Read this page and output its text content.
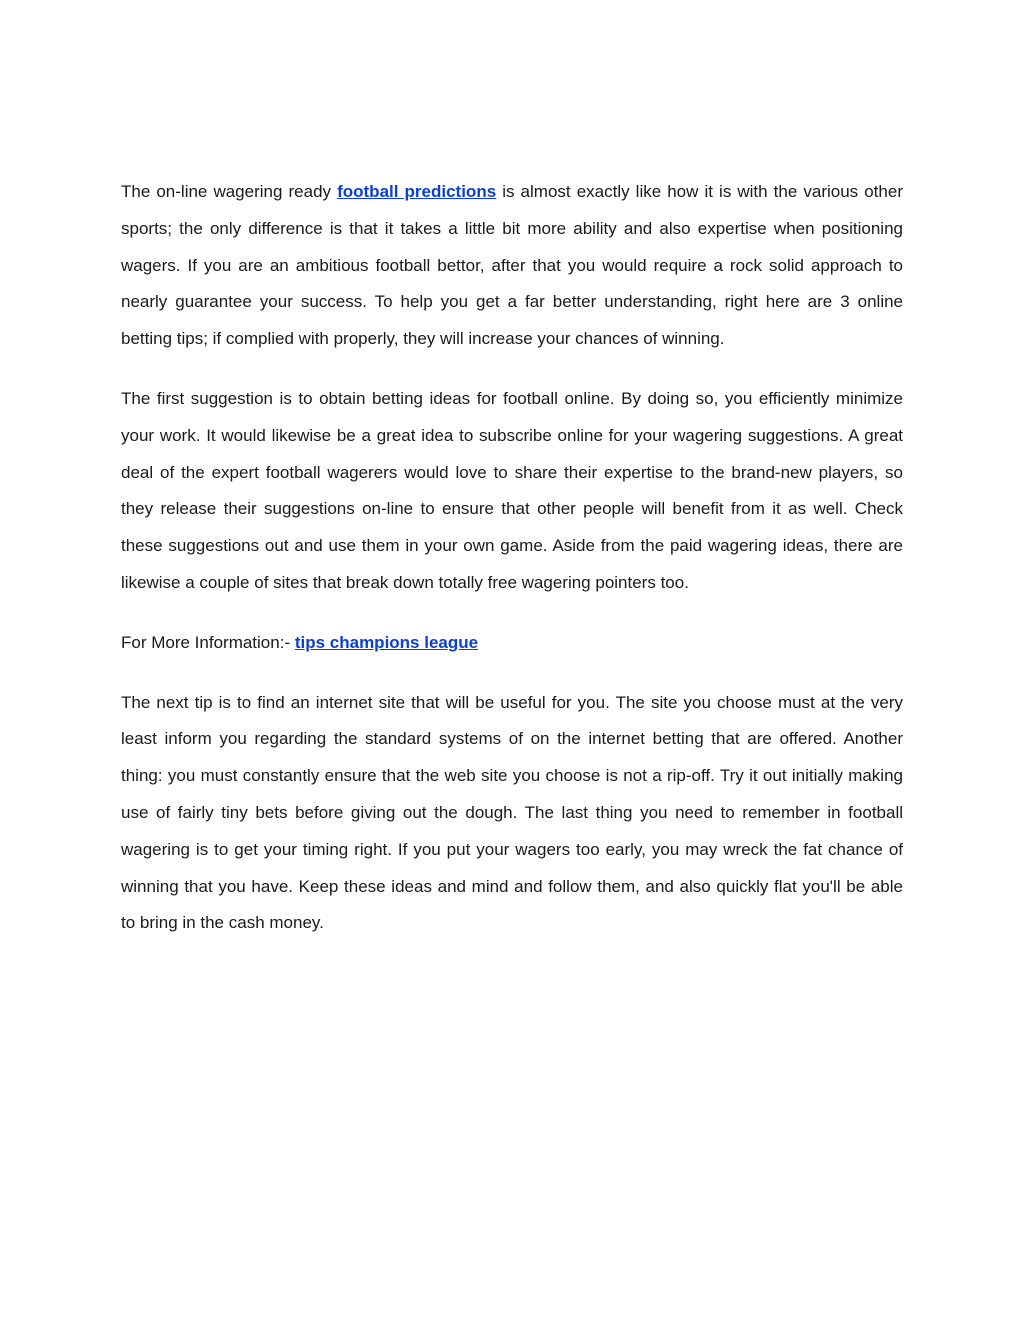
The on-line wagering ready football predictions is almost exactly like how it is with the various other sports; the only difference is that it takes a little bit more ability and also expertise when positioning wagers. If you are an ambitious football bettor, after that you would require a rock solid approach to nearly guarantee your success. To help you get a far better understanding, right here are 3 online betting tips; if complied with properly, they will increase your chances of winning.

The first suggestion is to obtain betting ideas for football online. By doing so, you efficiently minimize your work. It would likewise be a great idea to subscribe online for your wagering suggestions. A great deal of the expert football wagerers would love to share their expertise to the brand-new players, so they release their suggestions on-line to ensure that other people will benefit from it as well. Check these suggestions out and use them in your own game. Aside from the paid wagering ideas, there are likewise a couple of sites that break down totally free wagering pointers too.

For More Information:- tips champions league

The next tip is to find an internet site that will be useful for you. The site you choose must at the very least inform you regarding the standard systems of on the internet betting that are offered. Another thing: you must constantly ensure that the web site you choose is not a rip-off. Try it out initially making use of fairly tiny bets before giving out the dough. The last thing you need to remember in football wagering is to get your timing right. If you put your wagers too early, you may wreck the fat chance of winning that you have. Keep these ideas and mind and follow them, and also quickly flat you'll be able to bring in the cash money.
